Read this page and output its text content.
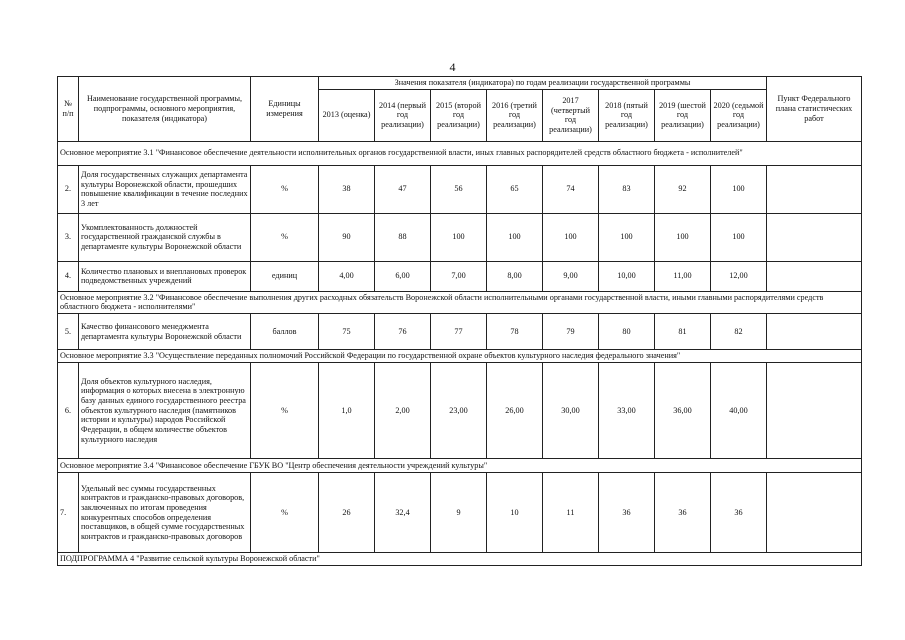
4
№ п/п	Наименование государственной программы, подпрограммы, основного мероприятия, показателя (индикатора)	Единицы измерения	Значения показателя (индикатора) по годам реализации государственной программы								Пункт Федерального плана статистических работ
			2013 (оценка)	2014 (первый год реализации)	2015 (второй год реализации)	2016 (третий год реализации)	2017 (четвертый год реализации)	2018 (пятый год реализации)	2019 (шестой год реализации)	2020 (седьмой год реализации)	
Основное мероприятие 3.1 "Финансовое обеспечение деятельности исполнительных органов государственной власти, иных главных распорядителей средств областного бюджета - исполнителей"											
2.	Доля государственных служащих департамента культуры Воронежской области, прошедших повышение квалификации в течение последних 3 лет	%	38	47	56	65	74	83	92	100	
3.	Укомплектованность должностей государственной гражданской службы в департаменте культуры Воронежской области	%	90	88	100	100	100	100	100	100	
4.	Количество плановых и внеплановых проверок подведомственных учреждений	единиц	4,00	6,00	7,00	8,00	9,00	10,00	11,00	12,00	
Основное мероприятие 3.2 "Финансовое обеспечение выполнения других расходных обязательств Воронежской области исполнительными органами государственной власти, иными главными распорядителями средств областного бюджета - исполнителями"											
5.	Качество финансового менеджмента департамента культуры Воронежской области	баллов	75	76	77	78	79	80	81	82	
Основное мероприятие 3.3 "Осуществление переданных полномочий Российской Федерации по государственной охране объектов культурного наследия федерального значения"											
6.	Доля объектов культурного наследия, информация о которых внесена в электронную базу данных единого государственного реестра объектов культурного наследия (памятников истории и культуры) народов Российской Федерации, в общем количестве объектов культурного наследия	%	1,0	2,00	23,00	26,00	30,00	33,00	36,00	40,00	
Основное мероприятие 3.4 "Финансовое обеспечение ГБУК ВО "Центр обеспечения деятельности учреждений культуры"											
7.	Удельный вес суммы государственных контрактов и гражданско-правовых договоров, заключенных по итогам проведения конкурентных способов определения поставщиков, в общей сумме государственных контрактов и гражданско-правовых договоров	%	26	32,4	9	10	11	36	36	36	
ПОДПРОГРАММА 4 "Развитие сельской культуры Воронежской области"											
